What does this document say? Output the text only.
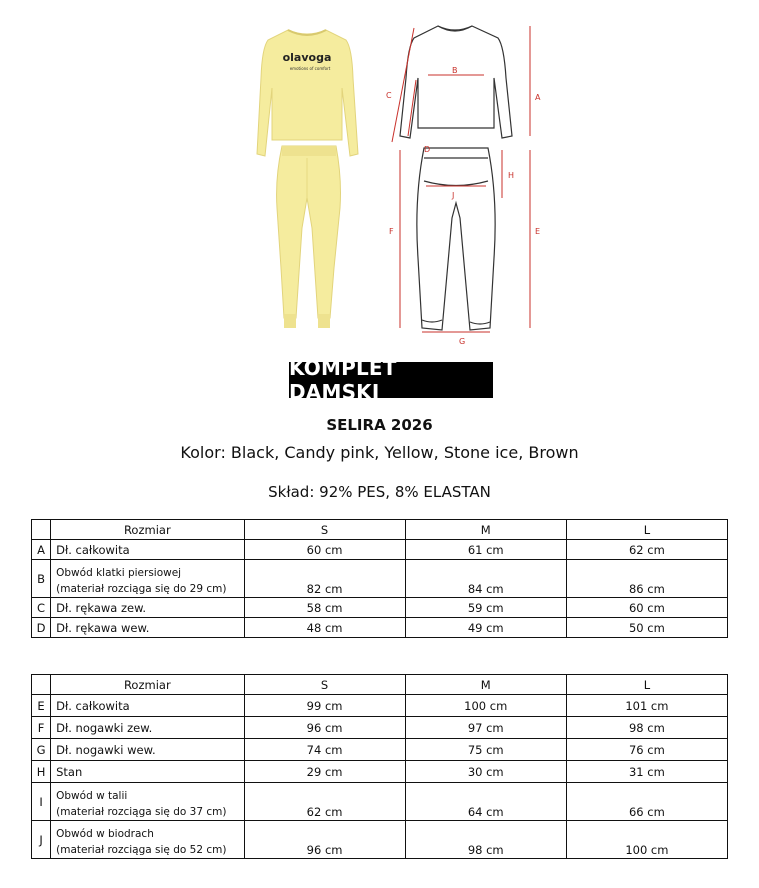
olavoga
emotions of comfort
A
B
C
D
E
F
G
H
J
KOMPLET DAMSKI
SELIRA 2026
Kolor: Black, Candy pink, Yellow, Stone ice, Brown
Skład: 92% PES, 8% ELASTAN
	Rozmiar	S	M	L
A	Dł. całkowita	60 cm	61 cm	62 cm
B	Obwód klatki piersiowej
(materiał rozciąga się do 29 cm)	82 cm	84 cm	86 cm
C	Dł. rękawa zew.	58 cm	59 cm	60 cm
D	Dł. rękawa wew.	48 cm	49 cm	50 cm
	Rozmiar	S	M	L
E	Dł. całkowita	99 cm	100 cm	101 cm
F	Dł. nogawki zew.	96 cm	97 cm	98 cm
G	Dł. nogawki wew.	74 cm	75 cm	76 cm
H	Stan	29 cm	30 cm	31 cm
I	Obwód w talii
(materiał rozciąga się do 37 cm)	62 cm	64 cm	66 cm
J	Obwód w biodrach
(materiał rozciąga się do 52 cm)	96 cm	98 cm	100 cm
